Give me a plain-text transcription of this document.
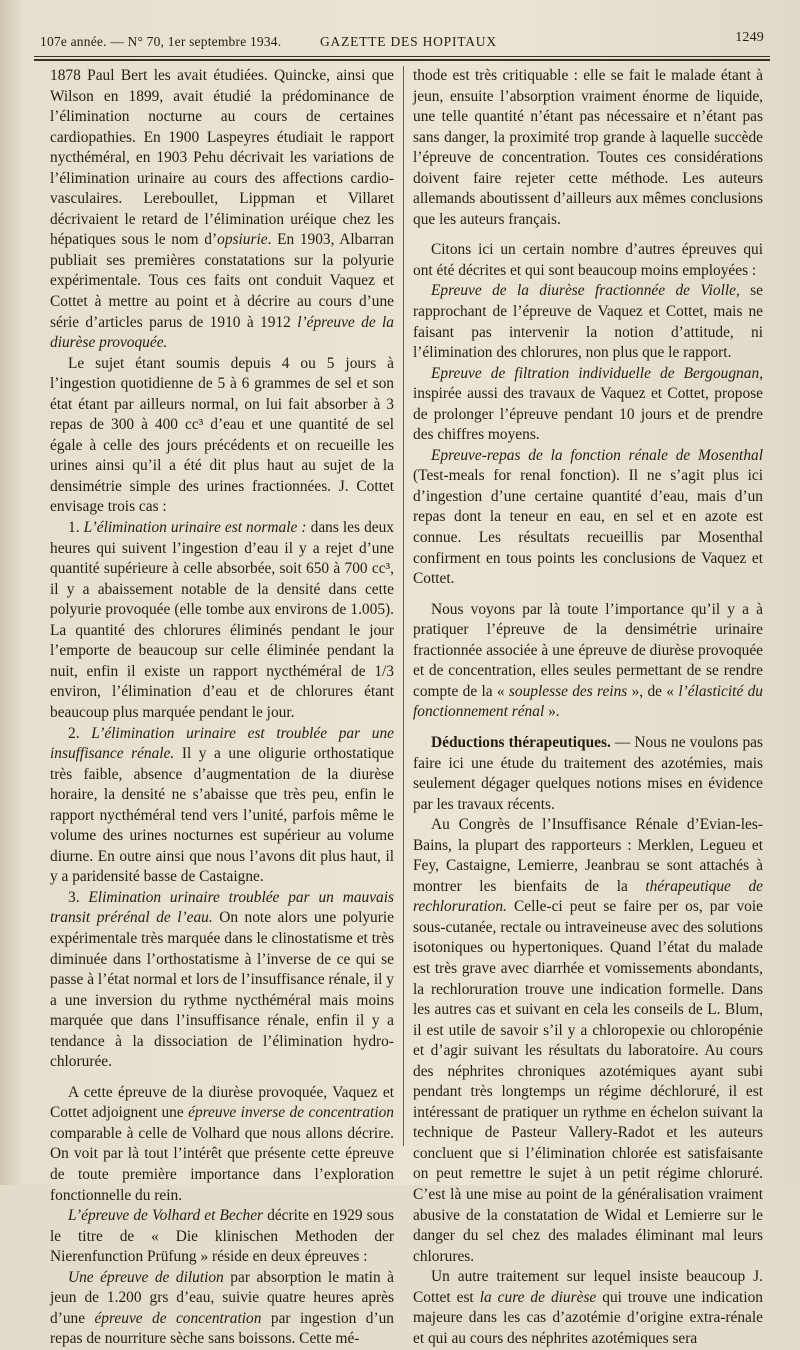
107e année. — N° 70, 1er septembre 1934.	GAZETTE DES HOPITAUX	1249

1878 Paul Bert les avait étudiées. Quincke, ainsi que Wilson en 1899, avait étudié la prédominance de l’élimination nocturne au cours de certaines cardiopathies. En 1900 Laspeyres étudiait le rapport nycthéméral, en 1903 Pehu décrivait les variations de l’élimination urinaire au cours des affections cardio-vasculaires. Lereboullet, Lippman et Villaret décrivaient le retard de l’élimination uréique chez les hépatiques sous le nom d’opsiurie. En 1903, Albarran publiait ses premières constatations sur la polyurie expérimentale. Tous ces faits ont conduit Vaquez et Cottet à mettre au point et à décrire au cours d’une série d’articles parus de 1910 à 1912 l’épreuve de la diurèse provoquée.

Le sujet étant soumis depuis 4 ou 5 jours à l’ingestion quotidienne de 5 à 6 grammes de sel et son état étant par ailleurs normal, on lui fait absorber à 3 repas de 300 à 400 cc³ d’eau et une quantité de sel égale à celle des jours précédents et on recueille les urines ainsi qu’il a été dit plus haut au sujet de la densimétrie simple des urines fractionnées. J. Cottet envisage trois cas :

1. L’élimination urinaire est normale : dans les deux heures qui suivent l’ingestion d’eau il y a rejet d’une quantité supérieure à celle absorbée, soit 650 à 700 cc³, il y a abaissement notable de la densité dans cette polyurie provoquée (elle tombe aux environs de 1.005). La quantité des chlorures éliminés pendant le jour l’emporte de beaucoup sur celle éliminée pendant la nuit, enfin il existe un rapport nycthéméral de 1/3 environ, l’élimination d’eau et de chlorures étant beaucoup plus marquée pendant le jour.

2. L’élimination urinaire est troublée par une insuffisance rénale. Il y a une oligurie orthostatique très faible, absence d’augmentation de la diurèse horaire, la densité ne s’abaisse que très peu, enfin le rapport nycthéméral tend vers l’unité, parfois même le volume des urines nocturnes est supérieur au volume diurne. En outre ainsi que nous l’avons dit plus haut, il y a paridensité basse de Castaigne.

3. Elimination urinaire troublée par un mauvais transit prérénal de l’eau. On note alors une polyurie expérimentale très marquée dans le clinostatisme et très diminuée dans l’orthostatisme à l’inverse de ce qui se passe à l’état normal et lors de l’insuffisance rénale, il y a une inversion du rythme nycthéméral mais moins marquée que dans l’insuffisance rénale, enfin il y a tendance à la dissociation de l’élimination hydro-chlorurée.

A cette épreuve de la diurèse provoquée, Vaquez et Cottet adjoignent une épreuve inverse de concentration comparable à celle de Volhard que nous allons décrire. On voit par là tout l’intérêt que présente cette épreuve de toute première importance dans l’exploration fonctionnelle du rein.

L’épreuve de Volhard et Becher décrite en 1929 sous le titre de « Die klinischen Methoden der Nierenfunction Prüfung » réside en deux épreuves :

Une épreuve de dilution par absorption le matin à jeun de 1.200 grs d’eau, suivie quatre heures après d’une épreuve de concentration par ingestion d’un repas de nourriture sèche sans boissons. Cette mé-

thode est très critiquable : elle se fait le malade étant à jeun, ensuite l’absorption vraiment énorme de liquide, une telle quantité n’étant pas nécessaire et n’étant pas sans danger, la proximité trop grande à laquelle succède l’épreuve de concentration. Toutes ces considérations doivent faire rejeter cette méthode. Les auteurs allemands aboutissent d’ailleurs aux mêmes conclusions que les auteurs français.

Citons ici un certain nombre d’autres épreuves qui ont été décrites et qui sont beaucoup moins employées :

Epreuve de la diurèse fractionnée de Violle, se rapprochant de l’épreuve de Vaquez et Cottet, mais ne faisant pas intervenir la notion d’attitude, ni l’élimination des chlorures, non plus que le rapport.

Epreuve de filtration individuelle de Bergougnan, inspirée aussi des travaux de Vaquez et Cottet, propose de prolonger l’épreuve pendant 10 jours et de prendre des chiffres moyens.

Epreuve-repas de la fonction rénale de Mosenthal (Test-meals for renal fonction). Il ne s’agit plus ici d’ingestion d’une certaine quantité d’eau, mais d’un repas dont la teneur en eau, en sel et en azote est connue. Les résultats recueillis par Mosenthal confirment en tous points les conclusions de Vaquez et Cottet.

Nous voyons par là toute l’importance qu’il y a à pratiquer l’épreuve de la densimétrie urinaire fractionnée associée à une épreuve de diurèse provoquée et de concentration, elles seules permettant de se rendre compte de la « souplesse des reins », de « l’élasticité du fonctionnement rénal ».

Déductions thérapeutiques. — Nous ne voulons pas faire ici une étude du traitement des azotémies, mais seulement dégager quelques notions mises en évidence par les travaux récents.

Au Congrès de l’Insuffisance Rénale d’Evian-les-Bains, la plupart des rapporteurs : Merklen, Legueu et Fey, Castaigne, Lemierre, Jeanbrau se sont attachés à montrer les bienfaits de la thérapeutique de rechloruration. Celle-ci peut se faire per os, par voie sous-cutanée, rectale ou intraveineuse avec des solutions isotoniques ou hypertoniques. Quand l’état du malade est très grave avec diarrhée et vomissements abondants, la rechloruration trouve une indication formelle. Dans les autres cas et suivant en cela les conseils de L. Blum, il est utile de savoir s’il y a chloropexie ou chloropénie et d’agir suivant les résultats du laboratoire. Au cours des néphrites chroniques azotémiques ayant subi pendant très longtemps un régime déchloruré, il est intéressant de pratiquer un rythme en échelon suivant la technique de Pasteur Vallery-Radot et les auteurs concluent que si l’élimination chlorée est satisfaisante on peut remettre le sujet à un petit régime chloruré. C’est là une mise au point de la généralisation vraiment abusive de la constatation de Widal et Lemierre sur le danger du sel chez des malades éliminant mal leurs chlorures.

Un autre traitement sur lequel insiste beaucoup J. Cottet est la cure de diurèse qui trouve une indication majeure dans les cas d’azotémie d’origine extra-rénale et qui au cours des néphrites azotémiques sera
